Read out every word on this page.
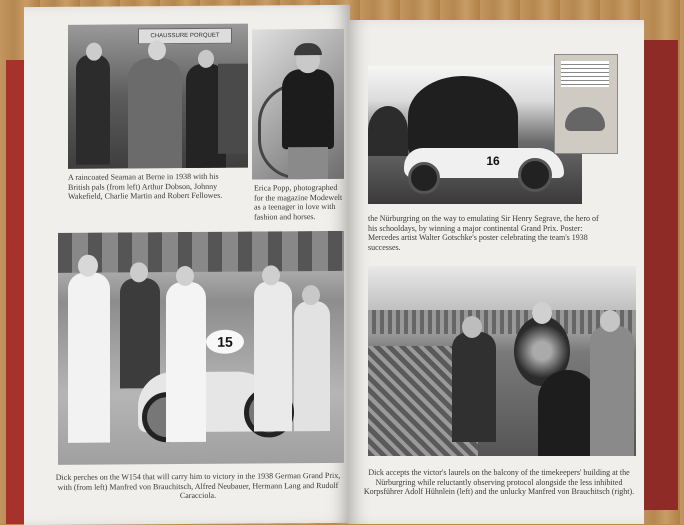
CHAUSSURE PORQUET

A raincoated Seaman at Berne in 1938 with his British pals (from left) Arthur Dobson, Johnny Wakefield, Charlie Martin and Robert Fellowes.

Erica Popp, photographed for the magazine Modewelt as a teenager in love with fashion and horses.

15

Dick perches on the W154 that will carry him to victory in the 1938 German Grand Prix, with (from left) Manfred von Brauchitsch, Alfred Neubauer, Hermann Lang and Rudolf Caracciola.

16

the Nürburgring on the way to emulating Sir Henry Segrave, the hero of his schooldays, by winning a major continental Grand Prix. Poster: Mercedes artist Walter Gotschke's poster celebrating the team's 1938 successes.

Dick accepts the victor's laurels on the balcony of the timekeepers' building at the Nürburgring while reluctantly observing protocol alongside the less inhibited Korpsführer Adolf Hühnlein (left) and the unlucky Manfred von Brauchitsch (right).
